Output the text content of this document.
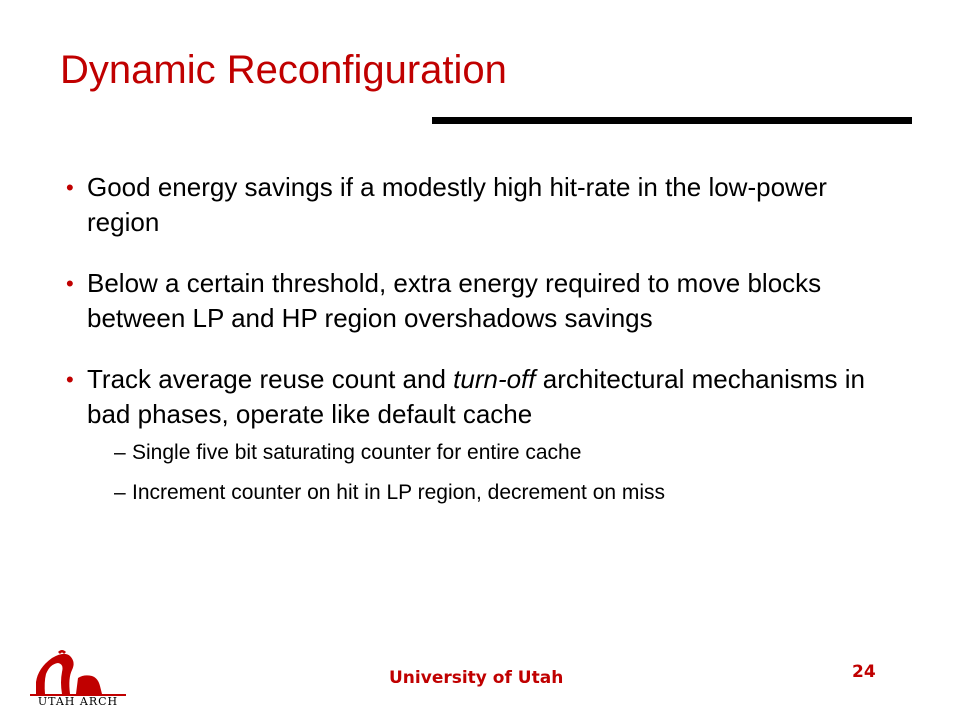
Dynamic Reconfiguration
• Good energy savings if a modestly high hit-rate in the low-power region
• Below a certain threshold, extra energy required to move blocks between LP and HP region overshadows savings
• Track average reuse count and turn-off architectural mechanisms in bad phases, operate like default cache
– Single five bit saturating counter for entire cache
– Increment counter on hit in LP region, decrement on miss
UTAH ARCH
University of Utah	24
